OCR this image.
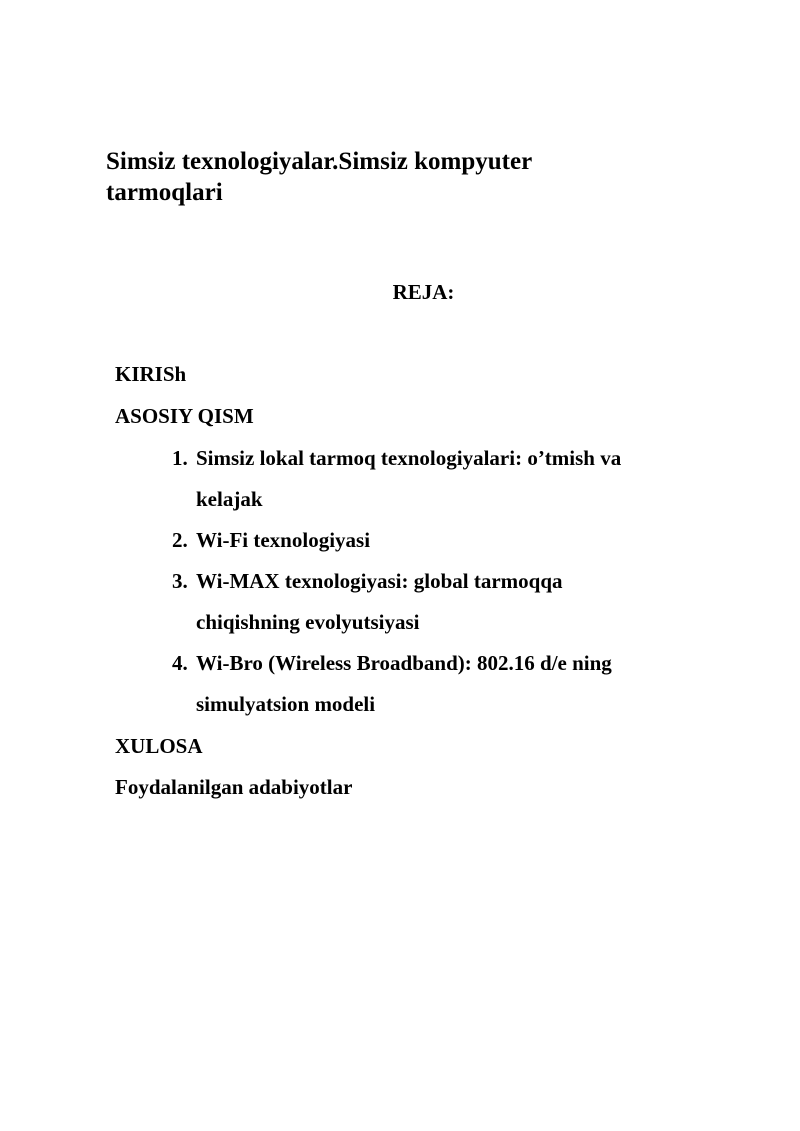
Simsiz texnologiyalar.Simsiz kompyuter
tarmoqlari
REJA:
KIRISh
ASOSIY QISM
1. Simsiz lokal tarmoq texnologiyalari: o’tmish va
kelajak
2. Wi-Fi texnologiyasi
3. Wi-MAX texnologiyasi: global tarmoqqa
chiqishning evolyutsiyasi
4. Wi-Bro (Wireless Broadband): 802.16 d/e ning
simulyatsion modeli
XULOSA
Foydalanilgan adabiyotlar
